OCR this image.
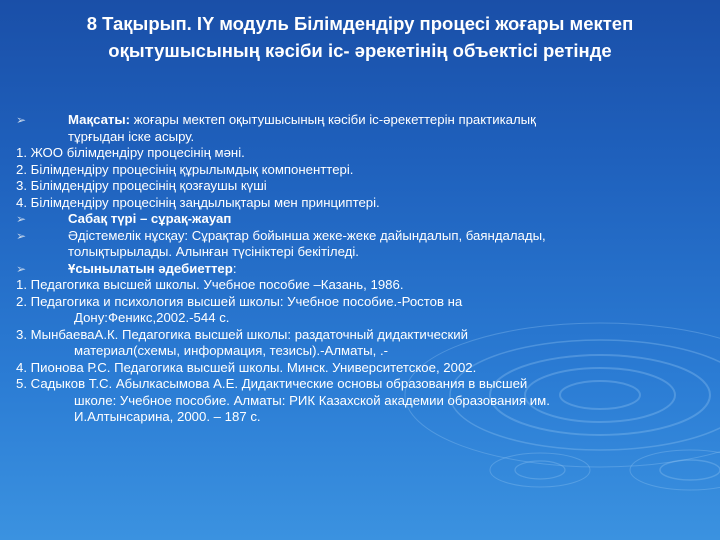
8 Тақырып. IY модуль Білімдендіру процесі жоғары мектеп
оқытушысының кәсіби іс- әрекетінің объектісі ретінде
➢	Мақсаты: жоғары мектеп оқытушысының кәсіби іс-әрекеттерін практикалық
тұрғыдан іске асыру.
1. ЖОО білімдендіру процесінің мәні.
2. Білімдендіру процесінің құрылымдық компоненттері.
3. Білімдендіру процесінің қозғаушы күші
4. Білімдендіру процесінің заңдылықтары мен принциптері.
➢	Сабақ түрі – сұрақ-жауап
➢	Әдістемелік нұсқау: Сұрақтар бойынша жеке-жеке дайындалып, баяндалады,
толықтырылады. Алынған түсініктері бекітіледі.
➢	Ұсынылатын әдебиеттер:
1. Педагогика высшей школы. Учебное пособие –Казань, 1986.
2. Педагогика и психология высшей школы: Учебное пособие.-Ростов на
Дону:Феникс,2002.-544 с.
3. МынбаеваА.К. Педагогика высшей школы: раздаточный дидактический
материал(схемы, информация, тезисы).-Алматы, .-
4. Пионова Р.С. Педагогика высшей школы. Минск. Университетское, 2002.
5. Садыков Т.С. Абылкасымова А.Е. Дидактические основы образования в высшей
школе: Учебное пособие. Алматы: РИК Казахской академии образования им.
И.Алтынсарина, 2000. – 187 с.
